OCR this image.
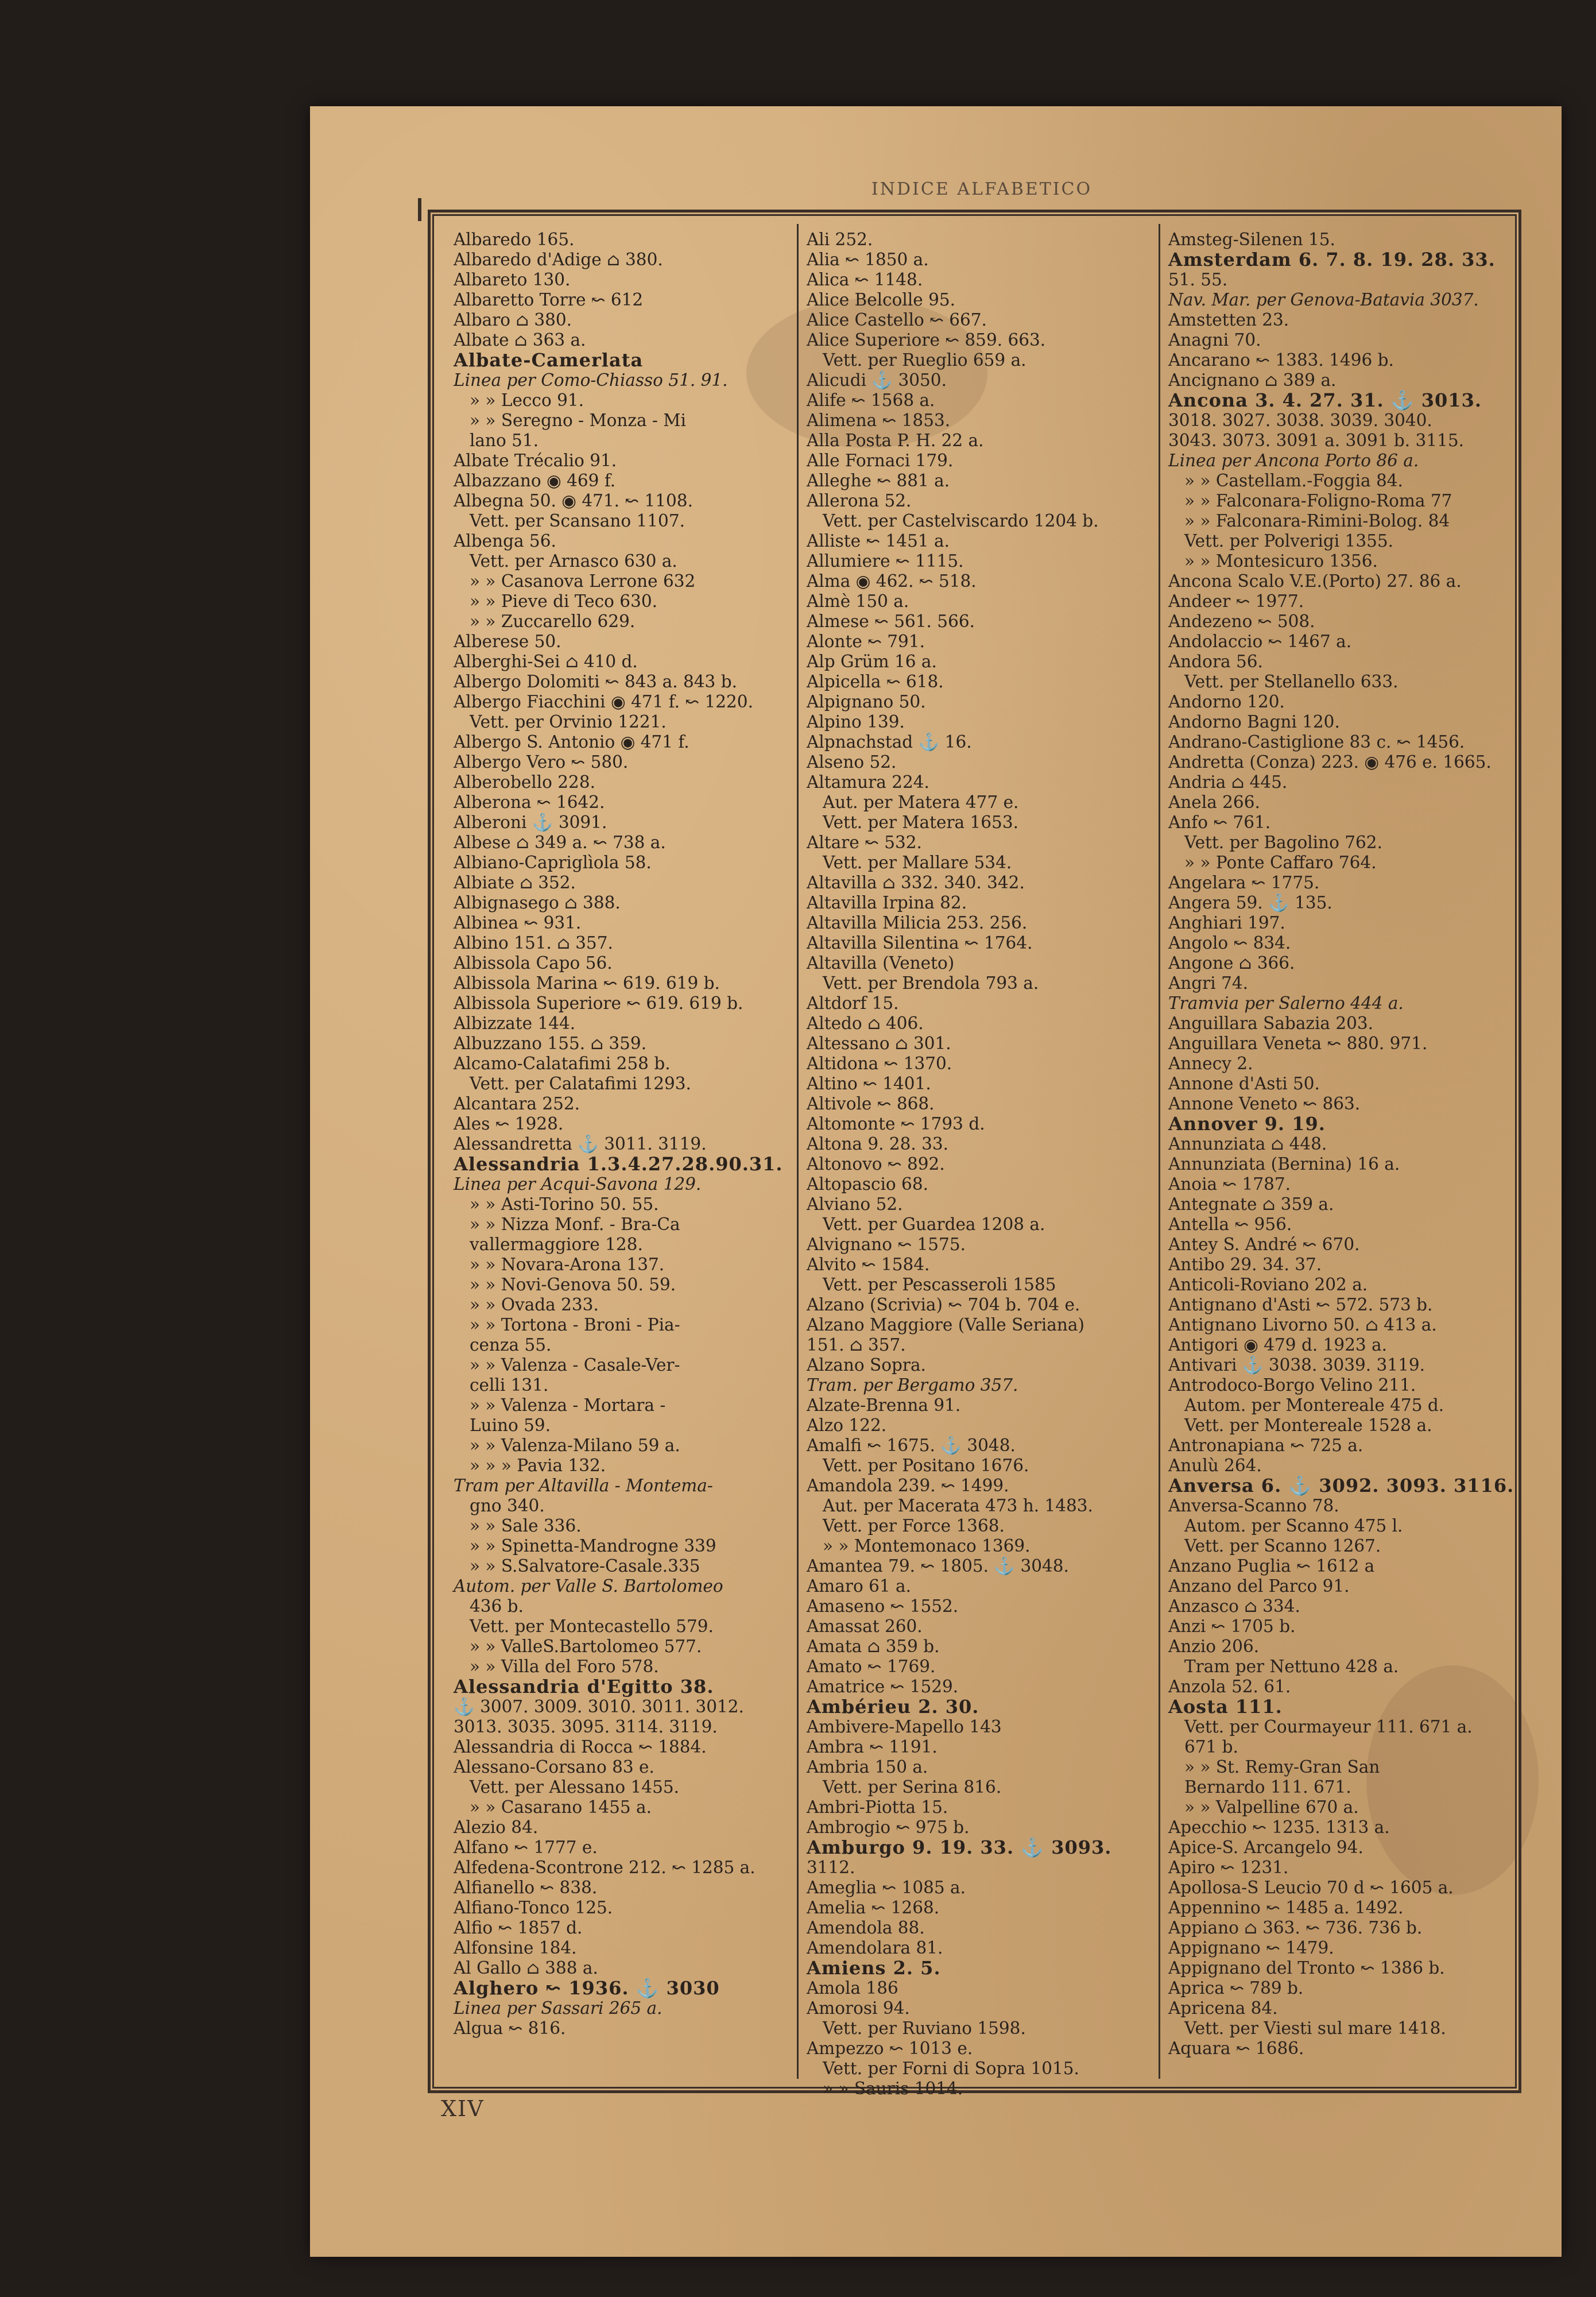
INDICE ALFABETICO
Albaredo 165.
Albaredo d'Adige ⌂ 380.
Albareto 130.
Albaretto Torre ↜ 612
Albaro ⌂ 380.
Albate ⌂ 363 a.
Albate-Camerlata
Linea per Como-Chiasso 51. 91.
» » Lecco 91.
» » Seregno - Monza - Mi
lano 51.
Albate Trécalio 91.
Albazzano ◉ 469 f.
Albegna 50. ◉ 471. ↜ 1108.
Vett. per Scansano 1107.
Albenga 56.
Vett. per Arnasco 630 a.
» » Casanova Lerrone 632
» » Pieve di Teco 630.
» » Zuccarello 629.
Alberese 50.
Alberghi-Sei ⌂ 410 d.
Albergo Dolomiti ↜ 843 a. 843 b.
Albergo Fiacchini ◉ 471 f. ↜ 1220.
Vett. per Orvinio 1221.
Albergo S. Antonio ◉ 471 f.
Albergo Vero ↜ 580.
Alberobello 228.
Alberona ↜ 1642.
Alberoni ⚓ 3091.
Albese ⌂ 349 a. ↜ 738 a.
Albiano-Capriglìola 58.
Albiate ⌂ 352.
Albignasego ⌂ 388.
Albinea ↜ 931.
Albino 151. ⌂ 357.
Albissola Capo 56.
Albissola Marina ↜ 619. 619 b.
Albissola Superiore ↜ 619. 619 b.
Albizzate 144.
Albuzzano 155. ⌂ 359.
Alcamo-Calatafimi 258 b.
Vett. per Calatafimi 1293.
Alcantara 252.
Ales ↜ 1928.
Alessandretta ⚓ 3011. 3119.
Alessandria 1.3.4.27.28.90.31.
Linea per Acqui-Savona 129.
» » Asti-Torino 50. 55.
» » Nizza Monf. - Bra-Ca
vallermaggiore 128.
» » Novara-Arona 137.
» » Novi-Genova 50. 59.
» » Ovada 233.
» » Tortona - Broni - Pia-
cenza 55.
» » Valenza - Casale-Ver-
celli 131.
» » Valenza - Mortara -
Luino 59.
» » Valenza-Milano 59 a.
» » » Pavia 132.
Tram per Altavilla - Montema-
gno 340.
» » Sale 336.
» » Spinetta-Mandrogne 339
» » S.Salvatore-Casale.335
Autom. per Valle S. Bartolomeo
436 b.
Vett. per Montecastello 579.
» » ValleS.Bartolomeo 577.
» » Villa del Foro 578.
Alessandria d'Egitto 38.
⚓ 3007. 3009. 3010. 3011. 3012.
3013. 3035. 3095. 3114. 3119.
Alessandria di Rocca ↜ 1884.
Alessano-Corsano 83 e.
Vett. per Alessano 1455.
» » Casarano 1455 a.
Alezio 84.
Alfano ↜ 1777 e.
Alfedena-Scontrone 212. ↜ 1285 a.
Alfianello ↜ 838.
Alfiano-Tonco 125.
Alfio ↜ 1857 d.
Alfonsine 184.
Al Gallo ⌂ 388 a.
Alghero ↜ 1936. ⚓ 3030
Linea per Sassari 265 a.
Algua ↜ 816.
Ali 252.
Alia ↜ 1850 a.
Alica ↜ 1148.
Alice Belcolle 95.
Alice Castello ↜ 667.
Alice Superiore ↜ 859. 663.
Vett. per Rueglio 659 a.
Alicudi ⚓ 3050.
Alife ↜ 1568 a.
Alimena ↜ 1853.
Alla Posta P. H. 22 a.
Alle Fornaci 179.
Alleghe ↜ 881 a.
Allerona 52.
Vett. per Castelviscardo 1204 b.
Alliste ↜ 1451 a.
Allumiere ↜ 1115.
Alma ◉ 462. ↜ 518.
Almè 150 a.
Almese ↜ 561. 566.
Alonte ↜ 791.
Alp Grüm 16 a.
Alpicella ↜ 618.
Alpignano 50.
Alpino 139.
Alpnachstad ⚓ 16.
Alseno 52.
Altamura 224.
Aut. per Matera 477 e.
Vett. per Matera 1653.
Altare ↜ 532.
Vett. per Mallare 534.
Altavilla ⌂ 332. 340. 342.
Altavilla Irpina 82.
Altavilla Milicia 253. 256.
Altavilla Silentina ↜ 1764.
Altavilla (Veneto)
Vett. per Brendola 793 a.
Altdorf 15.
Altedo ⌂ 406.
Altessano ⌂ 301.
Altidona ↜ 1370.
Altino ↜ 1401.
Altivole ↜ 868.
Altomonte ↜ 1793 d.
Altona 9. 28. 33.
Altonovo ↜ 892.
Altopascio 68.
Alviano 52.
Vett. per Guardea 1208 a.
Alvignano ↜ 1575.
Alvito ↜ 1584.
Vett. per Pescasseroli 1585
Alzano (Scrivia) ↜ 704 b. 704 e.
Alzano Maggiore (Valle Seriana)
151. ⌂ 357.
Alzano Sopra.
Tram. per Bergamo 357.
Alzate-Brenna 91.
Alzo 122.
Amalfi ↜ 1675. ⚓ 3048.
Vett. per Positano 1676.
Amandola 239. ↜ 1499.
Aut. per Macerata 473 h. 1483.
Vett. per Force 1368.
» » Montemonaco 1369.
Amantea 79. ↜ 1805. ⚓ 3048.
Amaro 61 a.
Amaseno ↜ 1552.
Amassat 260.
Amata ⌂ 359 b.
Amato ↜ 1769.
Amatrice ↜ 1529.
Ambérieu 2. 30.
Ambivere-Mapello 143
Ambra ↜ 1191.
Ambria 150 a.
Vett. per Serina 816.
Ambri-Piotta 15.
Ambrogio ↜ 975 b.
Amburgo 9. 19. 33. ⚓ 3093.
3112.
Ameglia ↜ 1085 a.
Amelia ↜ 1268.
Amendola 88.
Amendolara 81.
Amiens 2. 5.
Amola 186
Amorosi 94.
Vett. per Ruviano 1598.
Ampezzo ↜ 1013 e.
Vett. per Forni di Sopra 1015.
» » Sauris 1014.
Amsteg-Silenen 15.
Amsterdam 6. 7. 8. 19. 28. 33.
51. 55.
Nav. Mar. per Genova-Batavia 3037.
Amstetten 23.
Anagni 70.
Ancarano ↜ 1383. 1496 b.
Ancignano ⌂ 389 a.
Ancona 3. 4. 27. 31. ⚓ 3013.
3018. 3027. 3038. 3039. 3040.
3043. 3073. 3091 a. 3091 b. 3115.
Linea per Ancona Porto 86 a.
» » Castellam.-Foggia 84.
» » Falconara-Foligno-Roma 77
» » Falconara-Rimini-Bolog. 84
Vett. per Polverigi 1355.
» » Montesicuro 1356.
Ancona Scalo V.E.(Porto) 27. 86 a.
Andeer ↜ 1977.
Andezeno ↜ 508.
Andolaccio ↜ 1467 a.
Andora 56.
Vett. per Stellanello 633.
Andorno 120.
Andorno Bagni 120.
Andrano-Castiglione 83 c. ↜ 1456.
Andretta (Conza) 223. ◉ 476 e. 1665.
Andria ⌂ 445.
Anela 266.
Anfo ↜ 761.
Vett. per Bagolino 762.
» » Ponte Caffaro 764.
Angelara ↜ 1775.
Angera 59. ⚓ 135.
Anghiari 197.
Angolo ↜ 834.
Angone ⌂ 366.
Angri 74.
Tramvia per Salerno 444 a.
Anguillara Sabazia 203.
Anguillara Veneta ↜ 880. 971.
Annecy 2.
Annone d'Asti 50.
Annone Veneto ↜ 863.
Annover 9. 19.
Annunziata ⌂ 448.
Annunziata (Bernina) 16 a.
Anoia ↜ 1787.
Antegnate ⌂ 359 a.
Antella ↜ 956.
Antey S. André ↜ 670.
Antibo 29. 34. 37.
Anticoli-Roviano 202 a.
Antignano d'Asti ↜ 572. 573 b.
Antignano Livorno 50. ⌂ 413 a.
Antigori ◉ 479 d. 1923 a.
Antivari ⚓ 3038. 3039. 3119.
Antrodoco-Borgo Velino 211.
Autom. per Montereale 475 d.
Vett. per Montereale 1528 a.
Antronapiana ↜ 725 a.
Anulù 264.
Anversa 6. ⚓ 3092. 3093. 3116.
Anversa-Scanno 78.
Autom. per Scanno 475 l.
Vett. per Scanno 1267.
Anzano Puglia ↜ 1612 a
Anzano del Parco 91.
Anzasco ⌂ 334.
Anzi ↜ 1705 b.
Anzio 206.
Tram per Nettuno 428 a.
Anzola 52. 61.
Aosta 111.
Vett. per Courmayeur 111. 671 a.
671 b.
» » St. Remy-Gran San
Bernardo 111. 671.
» » Valpelline 670 a.
Apecchio ↜ 1235. 1313 a.
Apice-S. Arcangelo 94.
Apiro ↜ 1231.
Apollosa-S Leucio 70 d ↜ 1605 a.
Appennino ↜ 1485 a. 1492.
Appiano ⌂ 363. ↜ 736. 736 b.
Appignano ↜ 1479.
Appignano del Tronto ↜ 1386 b.
Aprica ↜ 789 b.
Apricena 84.
Vett. per Viesti sul mare 1418.
Aquara ↜ 1686.
XIV
